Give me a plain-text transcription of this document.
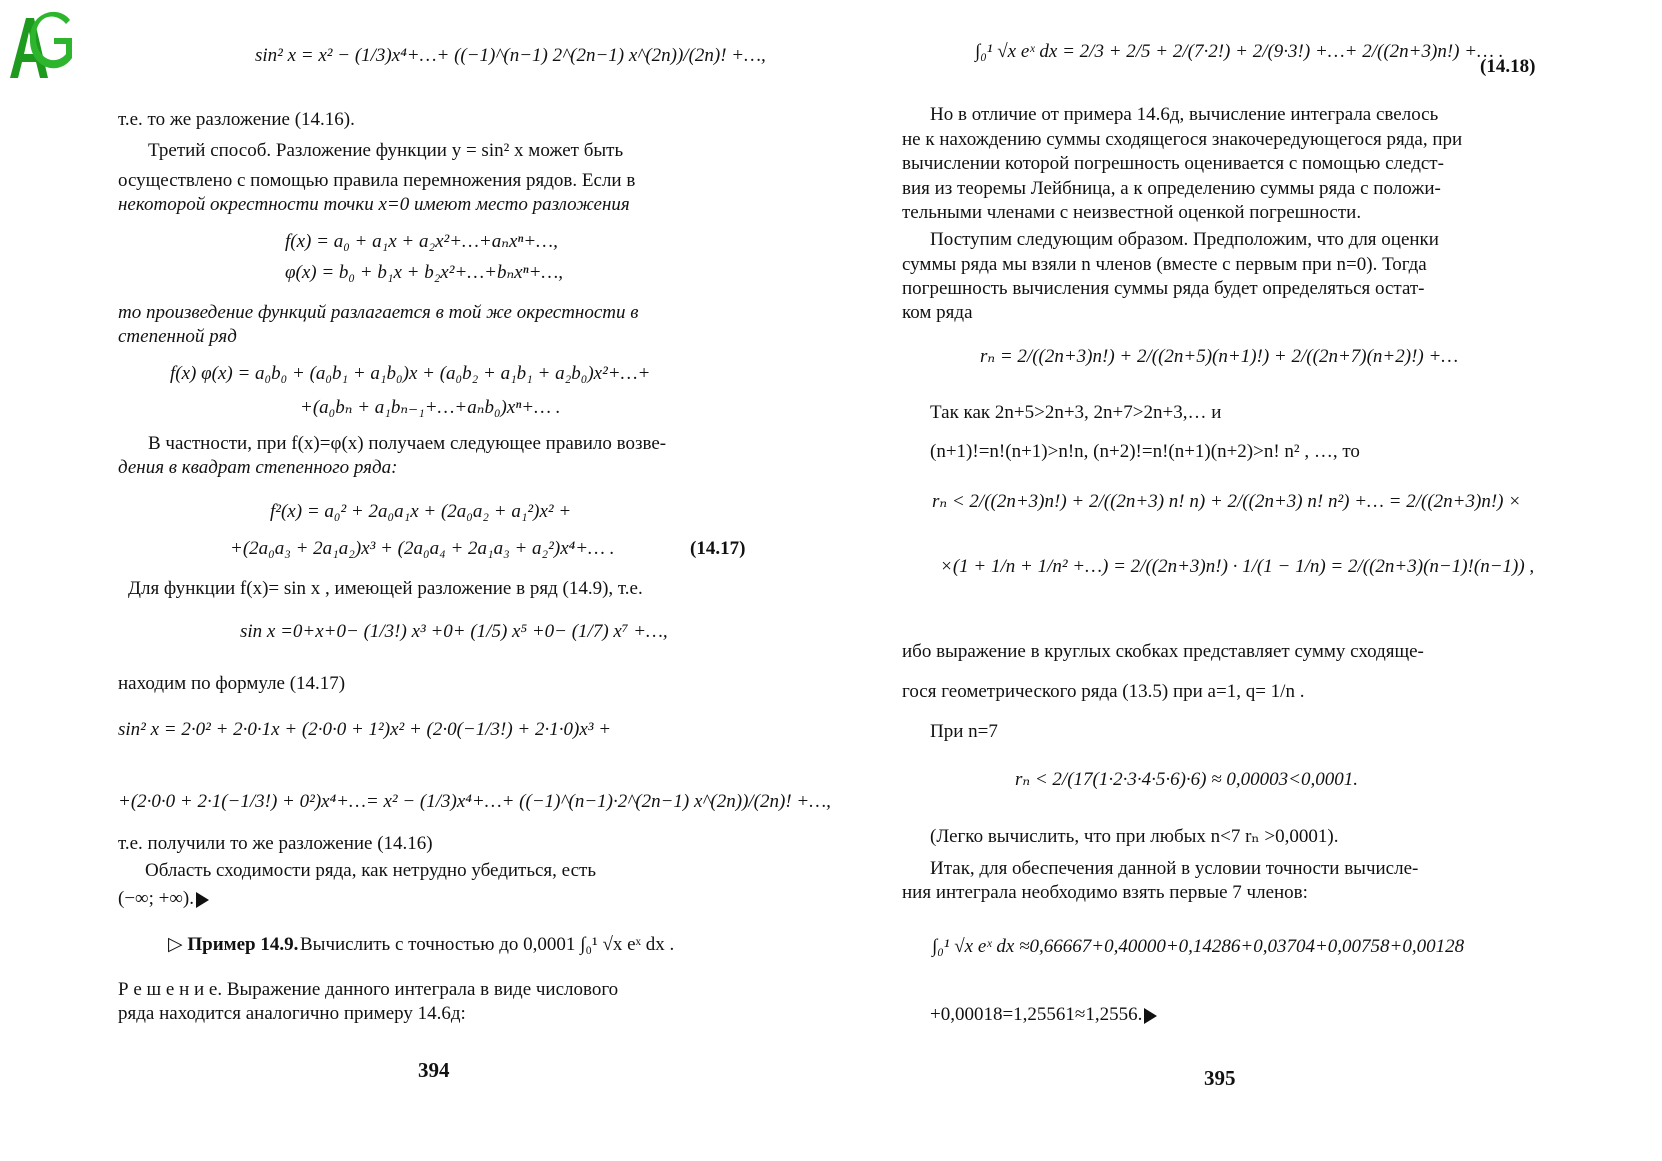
394	395
sin² x = x² − (1/3)x⁴+…+ ((−1)^(n−1) 2^(2n−1) x^(2n))/(2n)! +…,
т.е. то же разложение (14.16).
Третий способ. Разложение функции y = sin² x может быть
осуществлено с помощью правила перемножения рядов. Если в
некоторой окрестности точки x=0 имеют место разложения
f(x) = a₀ + a₁x + a₂x²+…+aₙxⁿ+…,
φ(x) = b₀ + b₁x + b₂x²+…+bₙxⁿ+…,
то произведение функций разлагается в той же окрестности в
степенной ряд
f(x) φ(x) = a₀b₀ + (a₀b₁ + a₁b₀)x + (a₀b₂ + a₁b₁ + a₂b₀)x²+…+
+(a₀bₙ + a₁bₙ₋₁+…+aₙb₀)xⁿ+… .
В частности, при f(x)=φ(x) получаем следующее правило возве-
дения в квадрат степенного ряда:
f²(x) = a₀² + 2a₀a₁x + (2a₀a₂ + a₁²)x² +
+(2a₀a₃ + 2a₁a₂)x³ + (2a₀a₄ + 2a₁a₃ + a₂²)x⁴+… .	(14.17)
Для функции f(x)= sin x , имеющей разложение в ряд (14.9), т.е.
sin x =0+x+0− (1/3!) x³ +0+ (1/5) x⁵ +0− (1/7) x⁷ +…,
находим по формуле (14.17)
sin² x = 2·0² + 2·0·1x + (2·0·0 + 1²)x² + (2·0(−1/3!) + 2·1·0)x³ +
+(2·0·0 + 2·1(−1/3!) + 0²)x⁴+…= x² − (1/3)x⁴+…+ ((−1)^(n−1)·2^(2n−1) x^(2n))/(2n)! +…,
т.е. получили то же разложение (14.16)
Область сходимости ряда, как нетрудно убедиться, есть
(−∞; +∞).
▷ Пример 14.9. Вычислить с точностью до 0,0001 ∫₀¹ √x eˣ dx .
Р е ш е н и е. Выражение данного интеграла в виде числового
ряда находится аналогично примеру 14.6д:
∫₀¹ √x eˣ dx = 2/3 + 2/5 + 2/(7·2!) + 2/(9·3!) +…+ 2/((2n+3)n!) +… .
(14.18)
Но в отличие от примера 14.6д, вычисление интеграла свелось
не к нахождению суммы сходящегося знакочередующегося ряда, при
вычислении которой погрешность оценивается с помощью следст-
вия из теоремы Лейбница, а к определению суммы ряда с положи-
тельными членами с неизвестной оценкой погрешности.
Поступим следующим образом. Предположим, что для оценки
суммы ряда мы взяли n членов (вместе с первым при n=0). Тогда
погрешность вычисления суммы ряда будет определяться остат-
ком ряда
rₙ = 2/((2n+3)n!) + 2/((2n+5)(n+1)!) + 2/((2n+7)(n+2)!) +…
Так как 2n+5>2n+3, 2n+7>2n+3,… и
(n+1)!=n!(n+1)>n!n, (n+2)!=n!(n+1)(n+2)>n! n² , …, то
rₙ < 2/((2n+3)n!) + 2/((2n+3) n! n) + 2/((2n+3) n! n²) +… = 2/((2n+3)n!) ×
×(1 + 1/n + 1/n² +…) = 2/((2n+3)n!) · 1/(1 − 1/n) = 2/((2n+3)(n−1)!(n−1)) ,
ибо выражение в круглых скобках представляет сумму сходяще-
гося геометрического ряда (13.5) при a=1, q= 1/n .
При n=7
rₙ < 2/(17(1·2·3·4·5·6)·6) ≈ 0,00003<0,0001.
(Легко вычислить, что при любых n<7 rₙ >0,0001).
Итак, для обеспечения данной в условии точности вычисле-
ния интеграла необходимо взять первые 7 членов:
∫₀¹ √x eˣ dx ≈0,66667+0,40000+0,14286+0,03704+0,00758+0,00128
+0,00018=1,25561≈1,2556.
